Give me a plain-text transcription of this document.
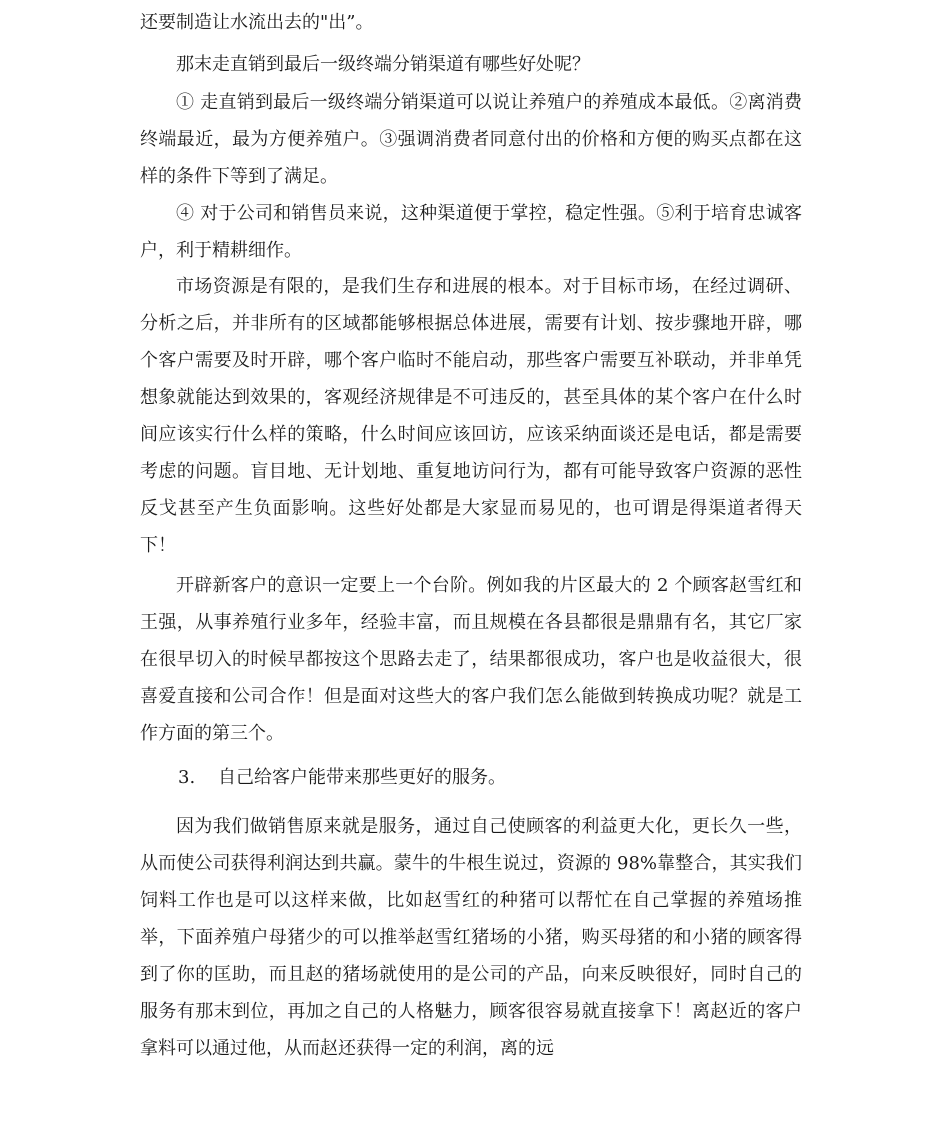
还要制造让水流出去的"出”。

那末走直销到最后一级终端分销渠道有哪些好处呢？

① 走直销到最后一级终端分销渠道可以说让养殖户的养殖成本最低。②离消费终端最近，最为方便养殖户。③强调消费者同意付出的价格和方便的购买点都在这样的条件下等到了满足。

④ 对于公司和销售员来说，这种渠道便于掌控，稳定性强。⑤利于培育忠诚客户，利于精耕细作。

市场资源是有限的，是我们生存和进展的根本。对于目标市场，在经过调研、分析之后，并非所有的区域都能够根据总体进展，需要有计划、按步骤地开辟，哪个客户需要及时开辟，哪个客户临时不能启动，那些客户需要互补联动，并非单凭想象就能达到效果的，客观经济规律是不可违反的，甚至具体的某个客户在什么时间应该实行什么样的策略，什么时间应该回访，应该采纳面谈还是电话，都是需要考虑的问题。盲目地、无计划地、重复地访问行为，都有可能导致客户资源的恶性反戈甚至产生负面影响。这些好处都是大家显而易见的，也可谓是得渠道者得天下！

开辟新客户的意识一定要上一个台阶。例如我的片区最大的 2 个顾客赵雪红和王强，从事养殖行业多年，经验丰富，而且规模在各县都很是鼎鼎有名，其它厂家在很早切入的时候早都按这个思路去走了，结果都很成功，客户也是收益很大，很喜爱直接和公司合作！但是面对这些大的客户我们怎么能做到转换成功呢？就是工作方面的第三个。

3. 自己给客户能带来那些更好的服务。

因为我们做销售原来就是服务，通过自己使顾客的利益更大化，更长久一些，从而使公司获得利润达到共赢。蒙牛的牛根生说过，资源的 98%靠整合，其实我们饲料工作也是可以这样来做，比如赵雪红的种猪可以帮忙在自己掌握的养殖场推举，下面养殖户母猪少的可以推举赵雪红猪场的小猪，购买母猪的和小猪的顾客得到了你的匡助，而且赵的猪场就使用的是公司的产品，向来反映很好，同时自己的服务有那末到位，再加之自己的人格魅力，顾客很容易就直接拿下！离赵近的客户拿料可以通过他，从而赵还获得一定的利润，离的远
